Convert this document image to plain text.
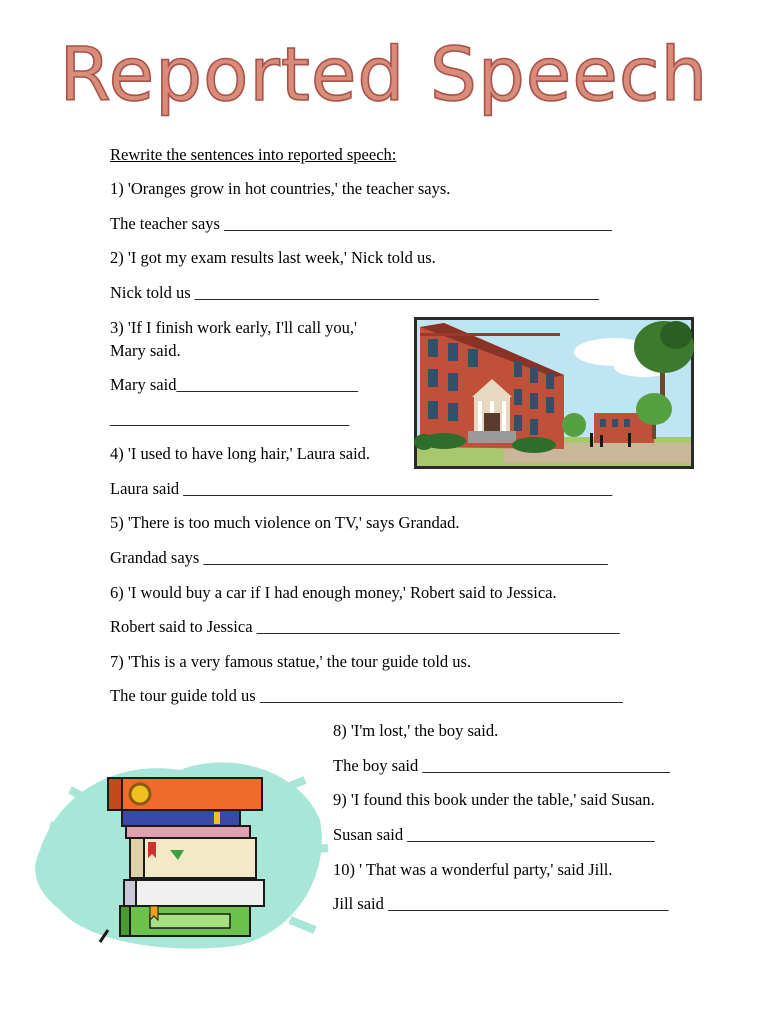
Reported Speech
Rewrite the sentences into reported speech:
1) 'Oranges grow in hot countries,' the teacher says.
The teacher says _______________________________________________
2) 'I got my exam results last week,' Nick told us.
Nick told us _________________________________________________
3) 'If I finish work early, I'll call you,'
Mary said.
Mary said______________________
_____________________________
4) 'I used to have long hair,' Laura said.
Laura said ____________________________________________________
5) 'There is too much violence on TV,' says Grandad.
Grandad says _________________________________________________
6) 'I would buy a car if I had enough money,' Robert said to Jessica.
Robert said to Jessica ____________________________________________
7) 'This is a very famous statue,' the tour guide told us.
The tour guide told us ____________________________________________
8) 'I'm lost,' the boy said.
The boy said ______________________________
9) 'I found this book under the table,' said Susan.
Susan said ______________________________
10) ' That was a wonderful party,' said Jill.
Jill said __________________________________
